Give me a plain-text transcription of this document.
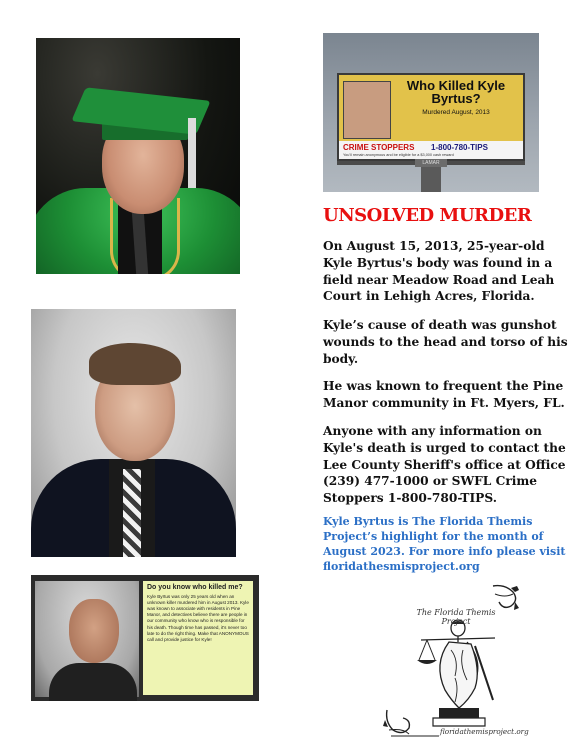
Do you know who killed me?
Kyle Byrtus was only 25 years old when an unknown killer murdered him in August 2013. Kyle was known to associate with residents in Pine Manor, and detectives believe there are people in our community who know who is responsible for his death. Though time has passed, it's never too late to do the right thing. Make that ANONYMOUS call and provide justice for Kyle!
Who Killed Kyle Byrtus?
Murdered August, 2013
CRIME STOPPERS 1-800-780-TIPS
You'll remain anonymous and be eligible for a $3,000 cash reward
LAMAR
UNSOLVED MURDER
On August 15, 2013, 25-year-old Kyle Byrtus's body was found in a field near Meadow Road and Leah Court in Lehigh Acres, Florida.
Kyle’s cause of death was gunshot wounds to the head and torso of his body.
He was known to frequent the Pine Manor community in Ft. Myers, FL.
Anyone with any information on Kyle's death is urged to contact the Lee County Sheriff's office at Office (239) 477-1000 or SWFL Crime Stoppers 1-800-780-TIPS.
Kyle Byrtus is The Florida Themis Project’s highlight for the month of August 2023. For more info please visit floridathesmisproject.org
The Florida Themis Project
floridathemisproject.org
